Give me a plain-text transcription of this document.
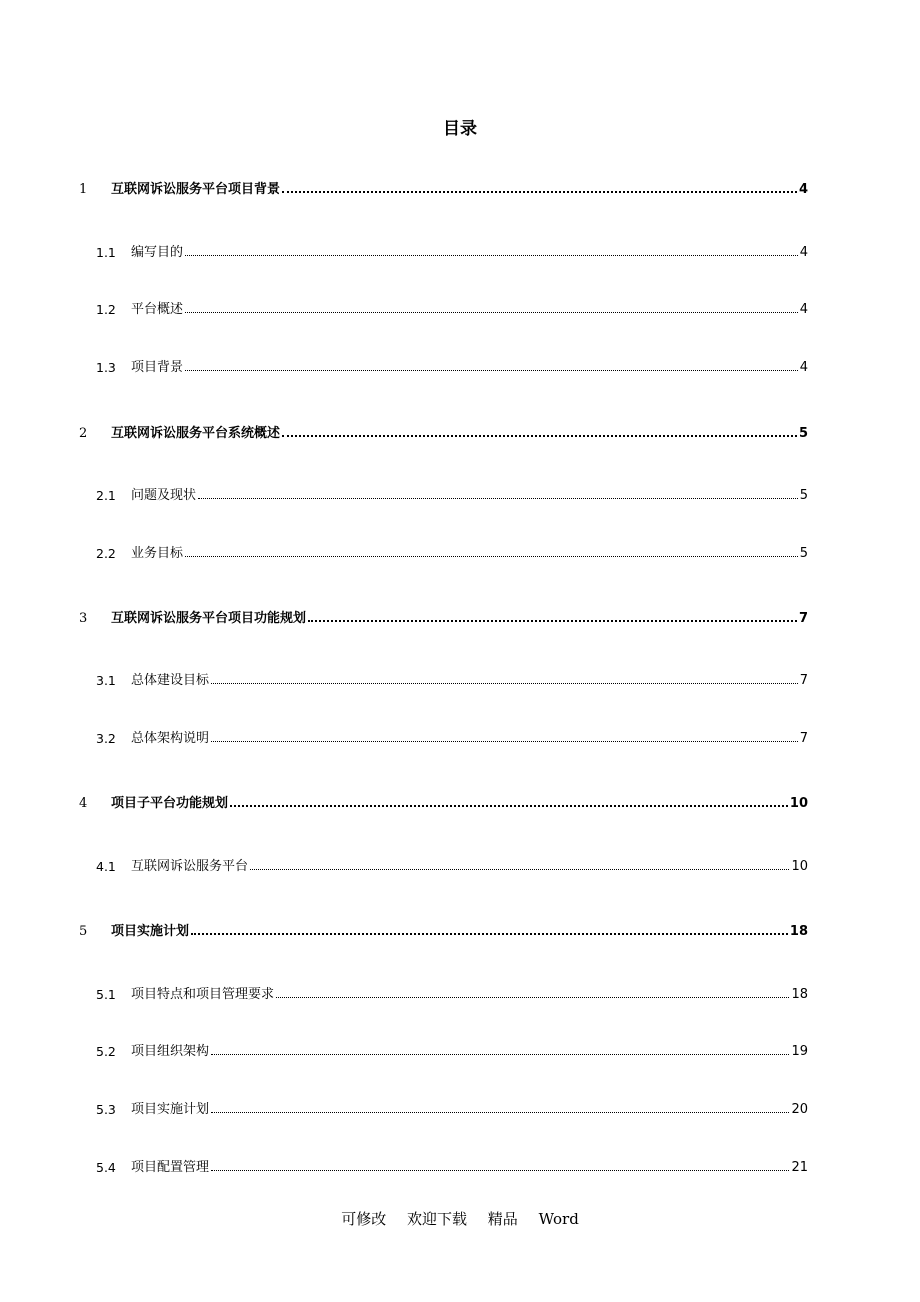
目录
1 互联网诉讼服务平台项目背景	4
1.1 编写目的	4
1.2 平台概述	4
1.3 项目背景	4
2 互联网诉讼服务平台系统概述	5
2.1 问题及现状	5
2.2 业务目标	5
3 互联网诉讼服务平台项目功能规划	7
3.1 总体建设目标	7
3.2 总体架构说明	7
4 项目子平台功能规划	10
4.1 互联网诉讼服务平台	10
5 项目实施计划	18
5.1 项目特点和项目管理要求	18
5.2 项目组织架构	19
5.3 项目实施计划	20
5.4 项目配置管理	21
可修改 欢迎下载 精品 Word
